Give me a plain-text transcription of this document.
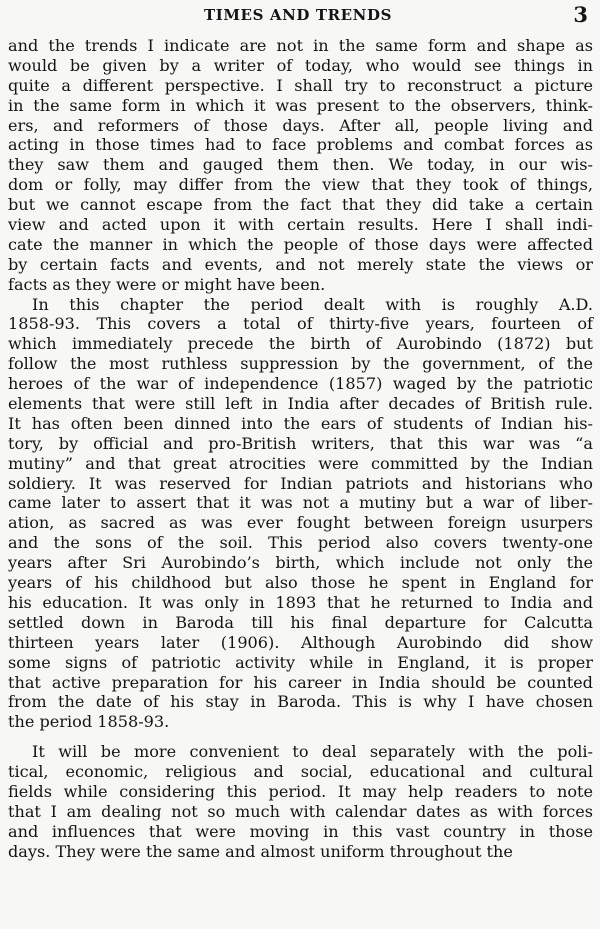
TIMES AND TRENDS	3
and the trends I indicate are not in the same form and shape as
would be given by a writer of today, who would see things in
quite a different perspective. I shall try to reconstruct a picture
in the same form in which it was present to the observers, think-
ers, and reformers of those days. After all, people living and
acting in those times had to face problems and combat forces as
they saw them and gauged them then. We today, in our wis-
dom or folly, may differ from the view that they took of things,
but we cannot escape from the fact that they did take a certain
view and acted upon it with certain results. Here I shall indi-
cate the manner in which the people of those days were affected
by certain facts and events, and not merely state the views or
facts as they were or might have been.
In this chapter the period dealt with is roughly A.D.
1858-93. This covers a total of thirty-five years, fourteen of
which immediately precede the birth of Aurobindo (1872) but
follow the most ruthless suppression by the government, of the
heroes of the war of independence (1857) waged by the patriotic
elements that were still left in India after decades of British rule.
It has often been dinned into the ears of students of Indian his-
tory, by official and pro-British writers, that this war was “a
mutiny” and that great atrocities were committed by the Indian
soldiery. It was reserved for Indian patriots and historians who
came later to assert that it was not a mutiny but a war of liber-
ation, as sacred as was ever fought between foreign usurpers
and the sons of the soil. This period also covers twenty-one
years after Sri Aurobindo’s birth, which include not only the
years of his childhood but also those he spent in England for
his education. It was only in 1893 that he returned to India and
settled down in Baroda till his final departure for Calcutta
thirteen years later (1906). Although Aurobindo did show
some signs of patriotic activity while in England, it is proper
that active preparation for his career in India should be counted
from the date of his stay in Baroda. This is why I have chosen
the period 1858-93.
It will be more convenient to deal separately with the poli-
tical, economic, religious and social, educational and cultural
fields while considering this period. It may help readers to note
that I am dealing not so much with calendar dates as with forces
and influences that were moving in this vast country in those
days. They were the same and almost uniform throughout the
